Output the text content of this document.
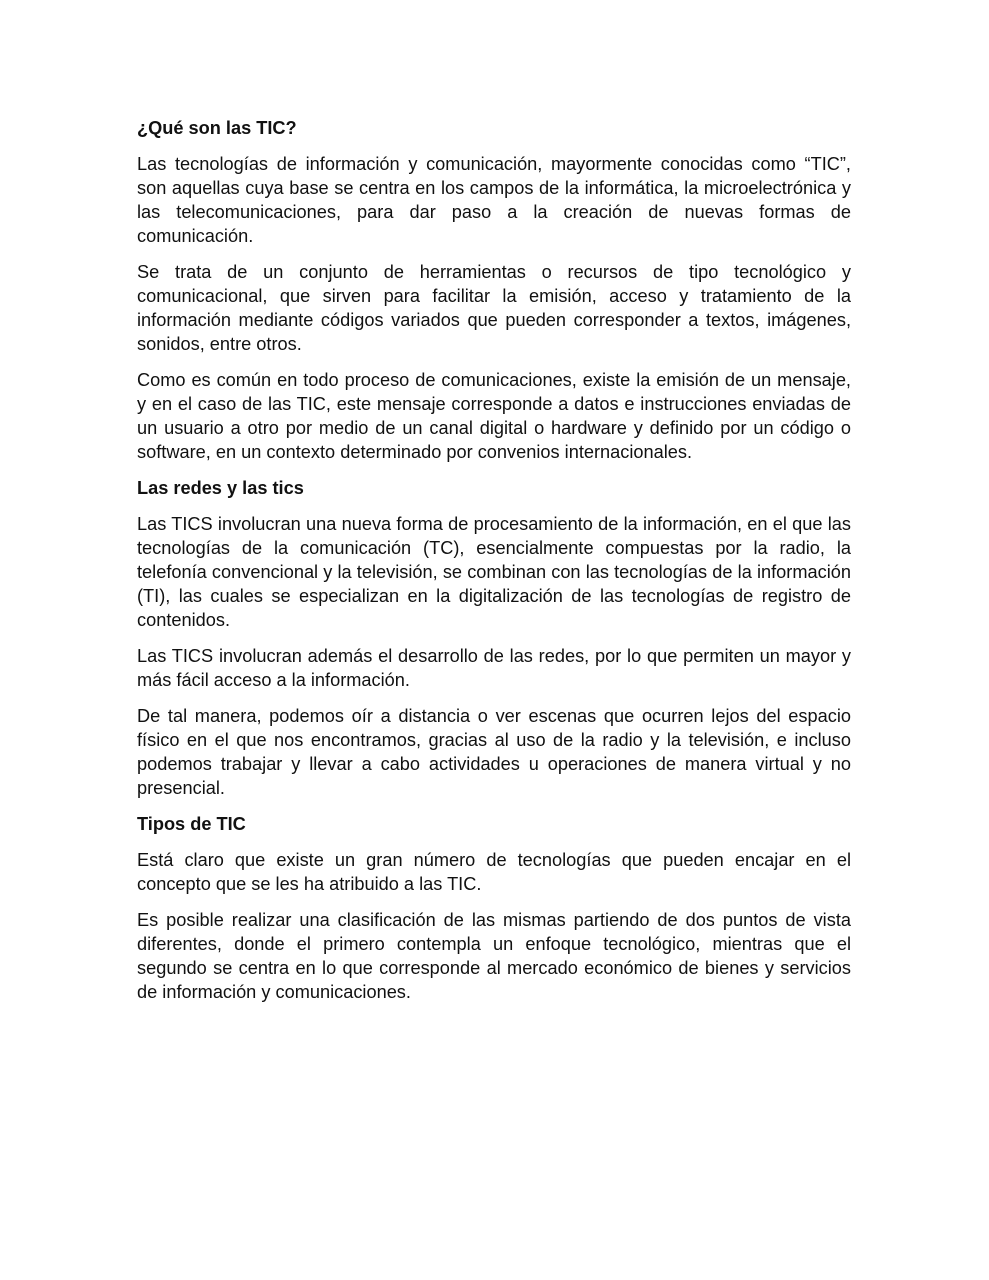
¿Qué son las TIC?

Las tecnologías de información y comunicación, mayormente conocidas como “TIC”, son aquellas cuya base se centra en los campos de la informática, la microelectrónica y las telecomunicaciones, para dar paso a la creación de nuevas formas de comunicación.

Se trata de un conjunto de herramientas o recursos de tipo tecnológico y comunicacional, que sirven para facilitar la emisión, acceso y tratamiento de la información mediante códigos variados que pueden corresponder a textos, imágenes, sonidos, entre otros.

Como es común en todo proceso de comunicaciones, existe la emisión de un mensaje, y en el caso de las TIC, este mensaje corresponde a datos e instrucciones enviadas de un usuario a otro por medio de un canal digital o hardware y definido por un código o software, en un contexto determinado por convenios internacionales.

Las redes y las tics

Las TICS involucran una nueva forma de procesamiento de la información, en el que las tecnologías de la comunicación (TC), esencialmente compuestas por la radio, la telefonía convencional y la televisión, se combinan con las tecnologías de la información (TI), las cuales se especializan en la digitalización de las tecnologías de registro de contenidos.

Las TICS involucran además el desarrollo de las redes, por lo que permiten un mayor y más fácil acceso a la información.

De tal manera, podemos oír a distancia o ver escenas que ocurren lejos del espacio físico en el que nos encontramos, gracias al uso de la radio y la televisión, e incluso podemos trabajar y llevar a cabo actividades u operaciones de manera virtual y no presencial.

Tipos de TIC

Está claro que existe un gran número de tecnologías que pueden encajar en el concepto que se les ha atribuido a las TIC.

Es posible realizar una clasificación de las mismas partiendo de dos puntos de vista diferentes, donde el primero contempla un enfoque tecnológico, mientras que el segundo se centra en lo que corresponde al mercado económico de bienes y servicios de información y comunicaciones.
